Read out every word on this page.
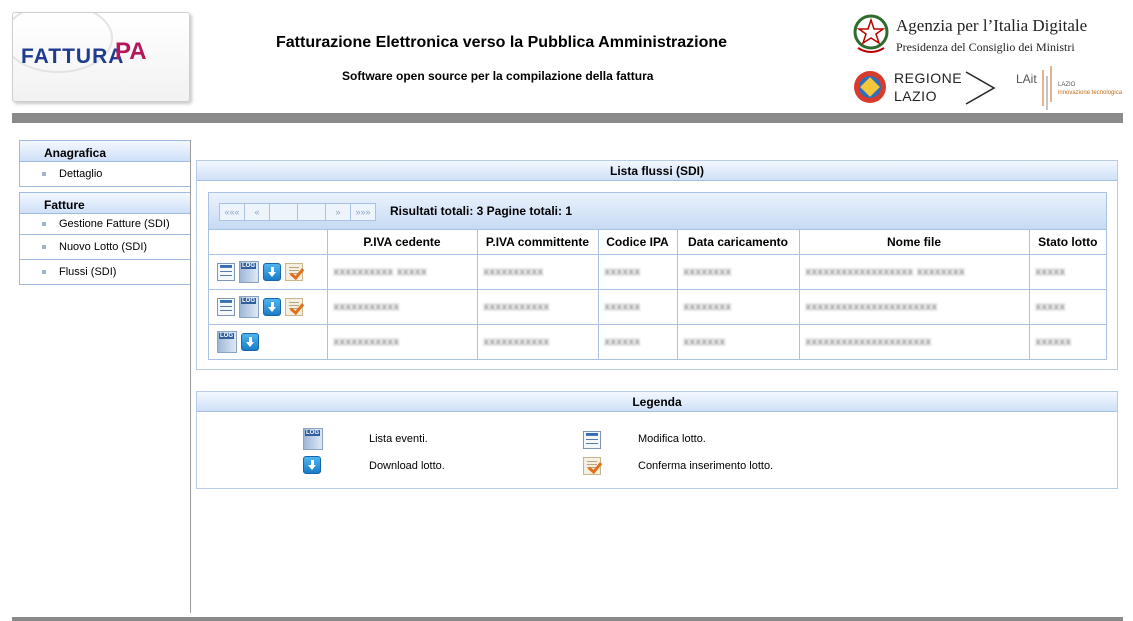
FATTURA
PA	Fatturazione Elettronica verso la Pubblica Amministrazione
Software open source per la compilazione della fattura
Agenzia per l’Italia Digitale
Presidenza del Consiglio dei Ministri
REGIONE
LAZIO
LAit	LAZIO
innovazione tecnologica
Anagrafica
Dettaglio
Fatture
Gestione Fatture (SDI)
Nuovo Lotto (SDI)
Flussi (SDI)
Lista flussi (SDI)
«««	«	»	»»»	Risultati totali: 3 Pagine totali: 1
	P.IVA cedente	P.IVA committente	Codice IPA	Data caricamento	Nome file	Stato lotto
LOG	xxxxxxxxxx xxxxx	xxxxxxxxxx	xxxxxx	xxxxxxxx	xxxxxxxxxxxxxxxxxx xxxxxxxx	xxxxx
LOG	xxxxxxxxxxx	xxxxxxxxxxx	xxxxxx	xxxxxxxx	xxxxxxxxxxxxxxxxxxxxxx	xxxxx
LOG	xxxxxxxxxxx	xxxxxxxxxxx	xxxxxx	xxxxxxx	xxxxxxxxxxxxxxxxxxxxx	xxxxxx
Legenda
LOG
Lista eventi.
Download lotto.
Modifica lotto.
Conferma inserimento lotto.
